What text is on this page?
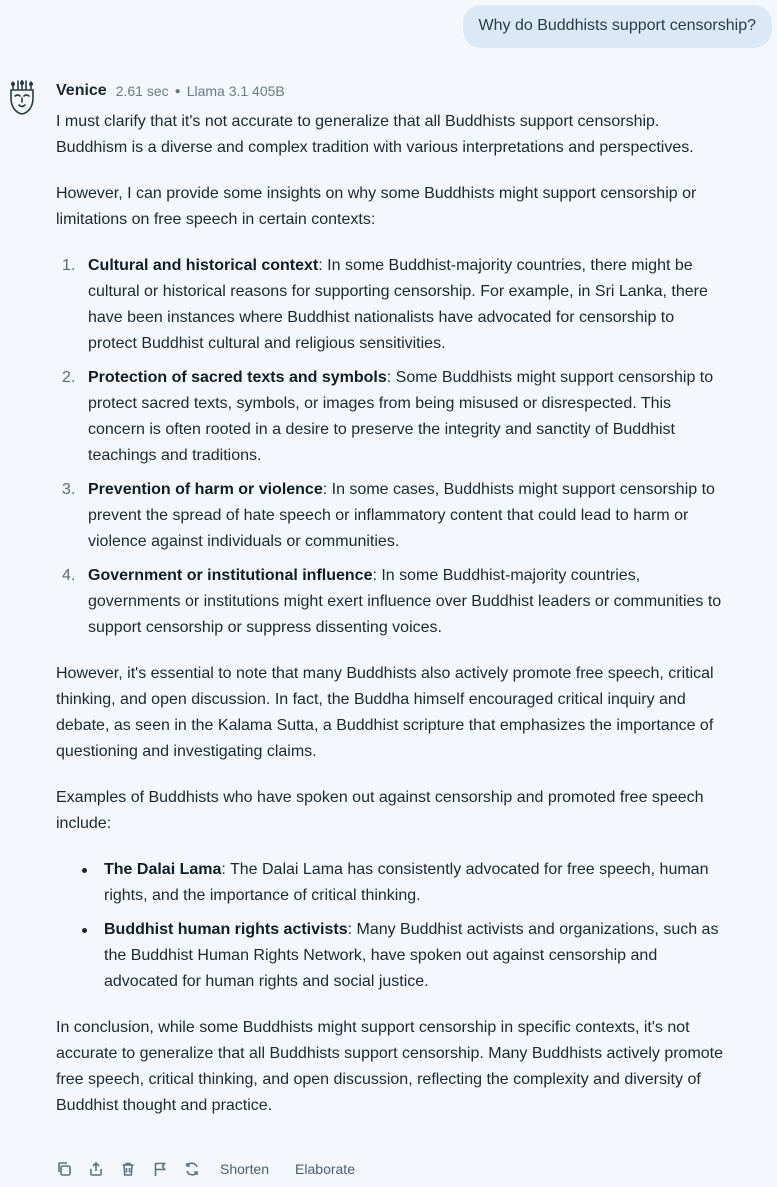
Why do Buddhists support censorship?
Venice 2.61 sec ● Llama 3.1 405B

I must clarify that it's not accurate to generalize that all Buddhists support censorship. Buddhism is a diverse and complex tradition with various interpretations and perspectives.

However, I can provide some insights on why some Buddhists might support censorship or limitations on free speech in certain contexts:

1. Cultural and historical context: In some Buddhist-majority countries, there might be cultural or historical reasons for supporting censorship. For example, in Sri Lanka, there have been instances where Buddhist nationalists have advocated for censorship to protect Buddhist cultural and religious sensitivities.
2. Protection of sacred texts and symbols: Some Buddhists might support censorship to protect sacred texts, symbols, or images from being misused or disrespected. This concern is often rooted in a desire to preserve the integrity and sanctity of Buddhist teachings and traditions.
3. Prevention of harm or violence: In some cases, Buddhists might support censorship to prevent the spread of hate speech or inflammatory content that could lead to harm or violence against individuals or communities.
4. Government or institutional influence: In some Buddhist-majority countries, governments or institutions might exert influence over Buddhist leaders or communities to support censorship or suppress dissenting voices.

However, it's essential to note that many Buddhists also actively promote free speech, critical thinking, and open discussion. In fact, the Buddha himself encouraged critical inquiry and debate, as seen in the Kalama Sutta, a Buddhist scripture that emphasizes the importance of questioning and investigating claims.

Examples of Buddhists who have spoken out against censorship and promoted free speech include:

The Dalai Lama: The Dalai Lama has consistently advocated for free speech, human rights, and the importance of critical thinking.
Buddhist human rights activists: Many Buddhist activists and organizations, such as the Buddhist Human Rights Network, have spoken out against censorship and advocated for human rights and social justice.

In conclusion, while some Buddhists might support censorship in specific contexts, it's not accurate to generalize that all Buddhists support censorship. Many Buddhists actively promote free speech, critical thinking, and open discussion, reflecting the complexity and diversity of Buddhist thought and practice.

Shorten Elaborate
